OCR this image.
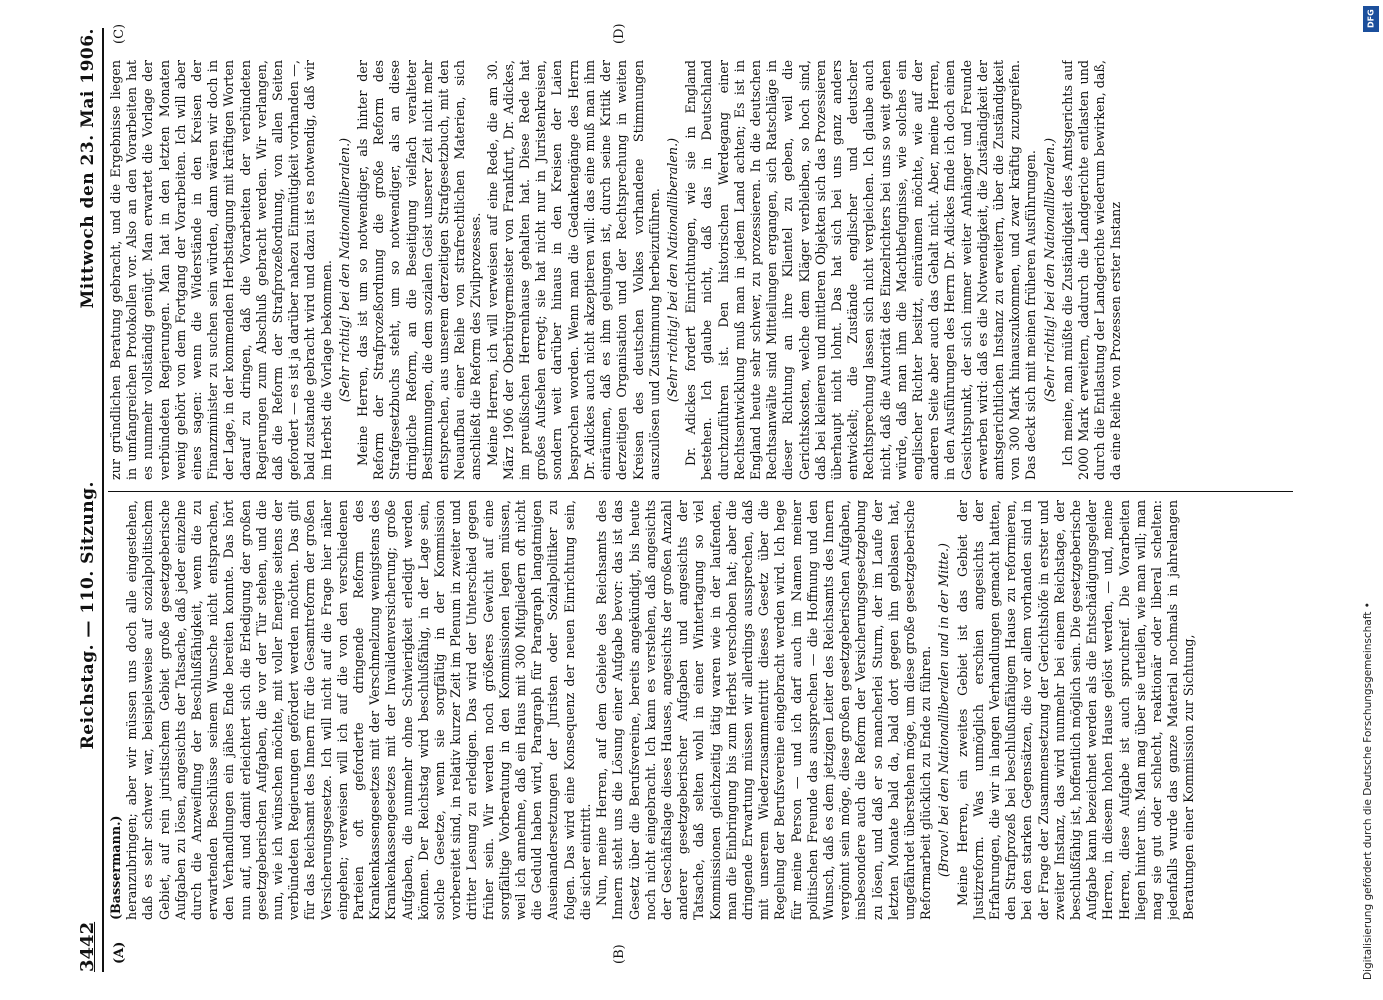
3442
Reichstag. — 110. Sitzung.
Mittwoch den 23. Mai 1906.
(A)	(B)
(C)	(D)

(Bassermann.) heranzubringen; aber wir müssen uns doch alle eingestehen, daß es sehr schwer war, beispielsweise auf sozialpolitischem Gebiet, auf rein juristischem Gebiet große gesetzgeberische Aufgaben zu lösen, angesichts der Tatsache, daß jeder einzelne durch die Anzweiflung der Beschlußfähigkeit, wenn die zu erwartenden Beschlüsse seinem Wunsche nicht entsprachen, den Verhandlungen ein jähes Ende bereiten konnte. Das hört nun auf, und damit erleichtert sich die Erledigung der großen gesetzgeberischen Aufgaben, die vor der Tür stehen, und die nun, wie ich wünschen möchte, mit voller Energie seitens der verbündeten Regierungen gefördert werden möchten. Das gilt für das Reichsamt des Innern für die Gesamtreform der großen Versicherungsgesetze. Ich will nicht auf die Frage hier näher eingehen; verweisen will ich auf die von den verschiedenen Parteien oft geforderte dringende Reform des Krankenkassengesetzes mit der Verschmelzung wenigstens des Krankenkassengesetzes mit der Invalidenversicherung; große Aufgaben, die nunmehr ohne Schwierigkeit erledigt werden können. Der Reichstag wird beschlußfähig, in der Lage sein, solche Gesetze, wenn sie sorgfältig in der Kommission vorbereitet sind, in relativ kurzer Zeit im Plenum in zweiter und dritter Lesung zu erledigen. Das wird der Unterschied gegen früher sein. Wir werden noch größeres Gewicht auf eine sorgfältige Vorberatung in den Kommissionen legen müssen, weil ich annehme, daß ein Haus mit 300 Mitgliedern oft nicht die Geduld haben wird, Paragraph für Paragraph langatmigen Auseinandersetzungen der Juristen oder Sozialpolitiker zu folgen. Das wird eine Konsequenz der neuen Einrichtung sein, die sicher eintritt. Nun, meine Herren, auf dem Gebiete des Reichsamts des Innern steht uns die Lösung einer Aufgabe bevor: das ist das Gesetz über die Berufsvereine, bereits angekündigt, bis heute noch nicht eingebracht. Ich kann es verstehen, daß angesichts der Geschäftslage dieses Hauses, angesichts der großen Anzahl anderer gesetzgeberischer Aufgaben und angesichts der Tatsache, daß selten wohl in einer Wintertagung so viel Kommissionen gleichzeitig tätig waren wie in der laufenden, man die Einbringung bis zum Herbst verschoben hat; aber die dringende Erwartung müssen wir allerdings aussprechen, daß mit unserem Wiederzusammentritt dieses Gesetz über die Regelung der Berufsvereine eingebracht werden wird. Ich hege für meine Person — und ich darf auch im Namen meiner politischen Freunde das aussprechen — die Hoffnung und den Wunsch, daß es dem jetzigen Leiter des Reichsamts des Innern vergönnt sein möge, diese großen gesetzgeberischen Aufgaben, insbesondere auch die Reform der Versicherungsgesetzgebung zu lösen, und daß er so mancherlei Sturm, der im Laufe der letzten Monate bald da, bald dort gegen ihn geblasen hat, ungefährdet überstehen möge, um diese große gesetzgeberische Reformarbeit glücklich zu Ende zu führen. (Bravo! bei den Nationalliberalen und in der Mitte.) Meine Herren, ein zweites Gebiet ist das Gebiet der Justizreform. Was unmöglich erschien angesichts der Erfahrungen, die wir in langen Verhandlungen gemacht hatten, den Strafprozeß bei beschlußunfähigem Hause zu reformieren, bei den starken Gegensätzen, die vor allem vorhanden sind in der Frage der Zusammensetzung der Gerichtshöfe in erster und zweiter Instanz, das wird nunmehr bei einem Reichstage, der beschlußfähig ist, hoffentlich möglich sein. Die gesetzgeberische Aufgabe kann bezeichnet werden als die Entschädigungsgelder Herren, in diesem hohen Hause gelöst werden, — und, meine Herren, diese Aufgabe ist auch spruchreif. Die Vorarbeiten liegen hinter uns. Man mag über sie urteilen, wie man will; man mag sie gut oder schlecht, reaktionär oder liberal schelten: jedenfalls wurde das ganze Material nochmals in jahrelangen Beratungen einer Kommission zur Sichtung,

zur gründlichen Beratung gebracht, und die Ergebnisse liegen in umfangreichen Protokollen vor. Also an den Vorarbeiten hat es nunmehr vollständig genügt. Man erwartet die Vorlage der verbündeten Regierungen. Man hat in den letzten Monaten wenig gehört von dem Fortgang der Vorarbeiten. Ich will aber eines sagen: wenn die Widerstände in den Kreisen der Finanzminister zu suchen sein würden, dann wären wir doch in der Lage, in der kommenden Herbsttagung mit kräftigen Worten darauf zu dringen, daß die Vorarbeiten der verbündeten Regierungen zum Abschluß gebracht werden. Wir verlangen, daß die Reform der Strafprozeßordnung, von allen Seiten gefordert — es ist ja darüber nahezu Einmütigkeit vorhanden —, bald zustande gebracht wird und dazu ist es notwendig, daß wir im Herbst die Vorlage bekommen. (Sehr richtig! bei den Nationalliberalen.) Meine Herren, das ist um so notwendiger, als hinter der Reform der Strafprozeßordnung die große Reform des Strafgesetzbuchs steht, um so notwendiger, als an diese dringliche Reform, an die Beseitigung vielfach veralteter Bestimmungen, die dem sozialen Geist unserer Zeit nicht mehr entsprechen, aus unserem derzeitigen Strafgesetzbuch, mit den Neuaufbau einer Reihe von strafrechtlichen Materien, sich anschließt die Reform des Zivilprozesses. Meine Herren, ich will verweisen auf eine Rede, die am 30. März 1906 der Oberbürgermeister von Frankfurt, Dr. Adickes, im preußischen Herrenhause gehalten hat. Diese Rede hat großes Aufsehen erregt; sie hat nicht nur in Juristenkreisen, sondern weit darüber hinaus in den Kreisen der Laien besprochen worden. Wenn man die Gedankengänge des Herrn Dr. Adickes auch nicht akzeptieren will: das eine muß man ihm einräumen, daß es ihm gelungen ist, durch seine Kritik der derzeitigen Organisation und der Rechtsprechung in weiten Kreisen des deutschen Volkes vorhandene Stimmungen auszulösen und Zustimmung herbeizuführen. (Sehr richtig! bei den Nationalliberalen.) Dr. Adickes fordert Einrichtungen, wie sie in England bestehen. Ich glaube nicht, daß das in Deutschland durchzuführen ist. Den historischen Werdegang einer Rechtsentwicklung muß man in jedem Land achten; Es ist in England heute sehr schwer, zu prozessieren. In die deutschen Rechtsanwälte sind Mitteilungen ergangen, sich Ratschläge in dieser Richtung an ihre Klientel zu geben, weil die Gerichtskosten, welche dem Kläger verbleiben, so hoch sind, daß bei kleineren und mittleren Objekten sich das Prozessieren überhaupt nicht lohnt. Das hat sich bei uns ganz anders entwickelt; die Zustände englischer und deutscher Rechtsprechung lassen sich nicht vergleichen. Ich glaube auch nicht, daß die Autorität des Einzelrichters bei uns so weit gehen würde, daß man ihm die Machtbefugnisse, wie solches ein englischer Richter besitzt, einräumen möchte, wie auf der anderen Seite aber auch das Gehalt nicht. Aber, meine Herren, in den Ausführungen des Herrn Dr. Adickes finde ich doch einen Gesichtspunkt, der sich immer weiter Anhänger und Freunde erwerben wird: daß es die Notwendigkeit, die Zuständigkeit der amtsgerichtlichen Instanz zu erweitern, über die Zuständigkeit von 300 Mark hinauszukommen, und zwar kräftig zuzugreifen. Das deckt sich mit meinen früheren Ausführungen. (Sehr richtig! bei den Nationalliberalen.) Ich meine, man müßte die Zuständigkeit des Amtsgerichts auf 2000 Mark erweitern, dadurch die Landgerichte entlasten und durch die Entlastung der Landgerichte wiederum bewirken, daß, da eine Reihe von Prozessen erster Instanz

DFG
Digitalisierung gefördert durch die Deutsche Forschungsgemeinschaft •
